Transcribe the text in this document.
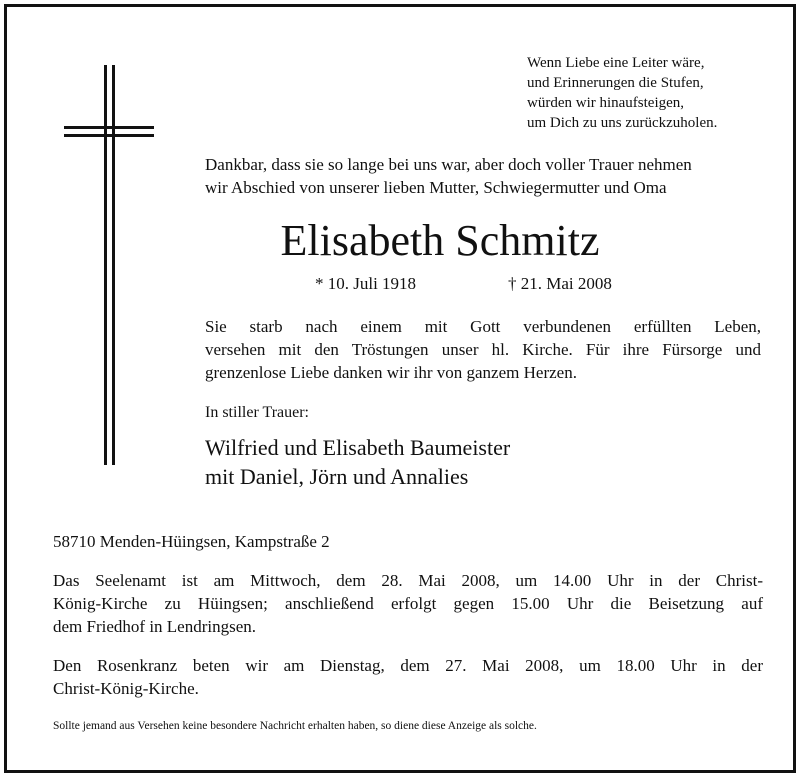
Wenn Liebe eine Leiter wäre,
und Erinnerungen die Stufen,
würden wir hinaufsteigen,
um Dich zu uns zurückzuholen.
Dankbar, dass sie so lange bei uns war, aber doch voller Trauer nehmen
wir Abschied von unserer lieben Mutter, Schwiegermutter und Oma
Elisabeth Schmitz
* 10. Juli 1918	† 21. Mai 2008
Sie starb nach einem mit Gott verbundenen erfüllten Leben,
versehen mit den Tröstungen unser hl. Kirche. Für ihre Fürsorge und
grenzenlose Liebe danken wir ihr von ganzem Herzen.
In stiller Trauer:
Wilfried und Elisabeth Baumeister
mit Daniel, Jörn und Annalies
58710 Menden-Hüingsen, Kampstraße 2
Das Seelenamt ist am Mittwoch, dem 28. Mai 2008, um 14.00 Uhr in der Christ-
König-Kirche zu Hüingsen; anschließend erfolgt gegen 15.00 Uhr die Beisetzung auf
dem Friedhof in Lendringsen.
Den Rosenkranz beten wir am Dienstag, dem 27. Mai 2008, um 18.00 Uhr in der
Christ-König-Kirche.
Sollte jemand aus Versehen keine besondere Nachricht erhalten haben, so diene diese Anzeige als solche.
